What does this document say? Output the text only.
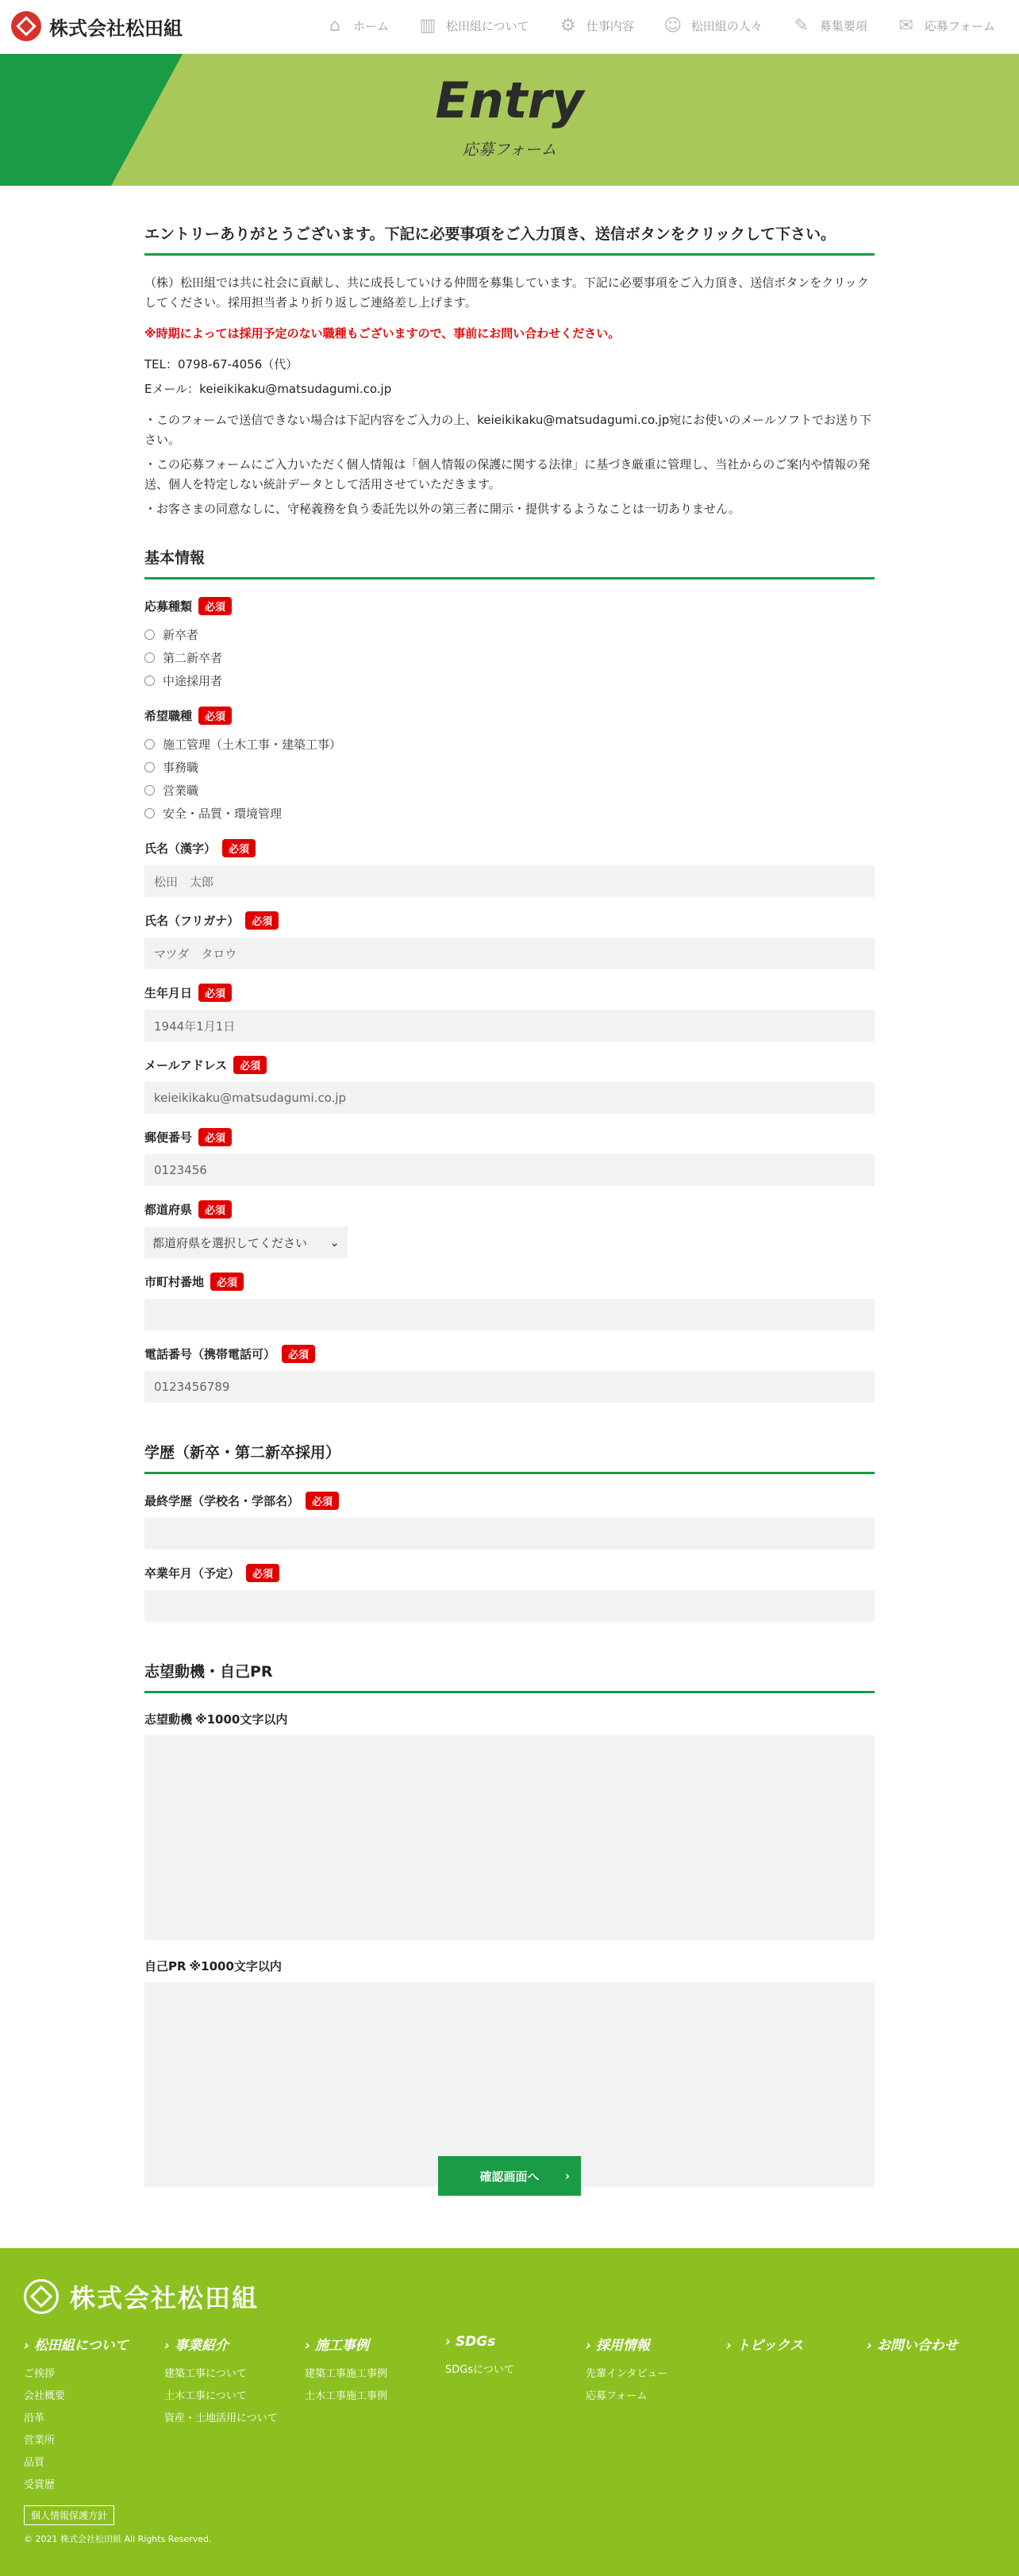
株式会社松田組	⌂	ホーム ▥ 松田組について ⚙ 仕事内容 ☺ 松田組の人々 ✎ 募集要項 ✉ 応募フォーム
Entry
応募フォーム
エントリーありがとうございます。下記に必要事項をご入力頂き、送信ボタンをクリックして下さい。
（株）松田組では共に社会に貢献し、共に成長していける仲間を募集しています。下記に必要事項をご入力頂き、送信ボタンをクリックしてください。採用担当者より折り返しご連絡差し上げます。
※時期によっては採用予定のない職種もございますので、事前にお問い合わせください。
TEL：0798-67-4056（代）
Eメール：keieikikaku@matsudagumi.co.jp
・このフォームで送信できない場合は下記内容をご入力の上、keieikikaku@matsudagumi.co.jp宛にお使いのメールソフトでお送り下さい。
・この応募フォームにご入力いただく個人情報は「個人情報の保護に関する法律」に基づき厳重に管理し、当社からのご案内や情報の発送、個人を特定しない統計データとして活用させていただきます。
・お客さまの同意なしに、守秘義務を負う委託先以外の第三者に開示・提供するようなことは一切ありません。
基本情報
応募種類	必須
新卒者
第二新卒者
中途採用者
希望職種	必須
施工管理（土木工事・建築工事）
事務職
営業職
安全・品質・環境管理
氏名（漢字）	必須
松田　太郎
氏名（フリガナ）	必須
マツダ　タロウ
生年月日	必須
1944年1月1日
メールアドレス	必須
keieikikaku@matsudagumi.co.jp
郵便番号	必須
0123456
都道府県	必須
都道府県を選択してください ⌄
市町村番地	必須
電話番号（携帯電話可）	必須
0123456789
学歴（新卒・第二新卒採用）
最終学歴（学校名・学部名）	必須
卒業年月（予定）	必須
志望動機・自己PR
志望動機 ※1000文字以内
自己PR ※1000文字以内
確認画面へ ›
株式会社松田組
› 松田組について
ご挨拶
会社概要
沿革
営業所
品質
受賞歴
› 事業紹介
建築工事について
土木工事について
資産・土地活用について
› 施工事例
建築工事施工事例
土木工事施工事例
› SDGs
SDGsについて
› 採用情報
先輩インタビュー
応募フォーム
› トピックス	› お問い合わせ
個人情報保護方針
© 2021 株式会社松田組 All Rights Reserved.
